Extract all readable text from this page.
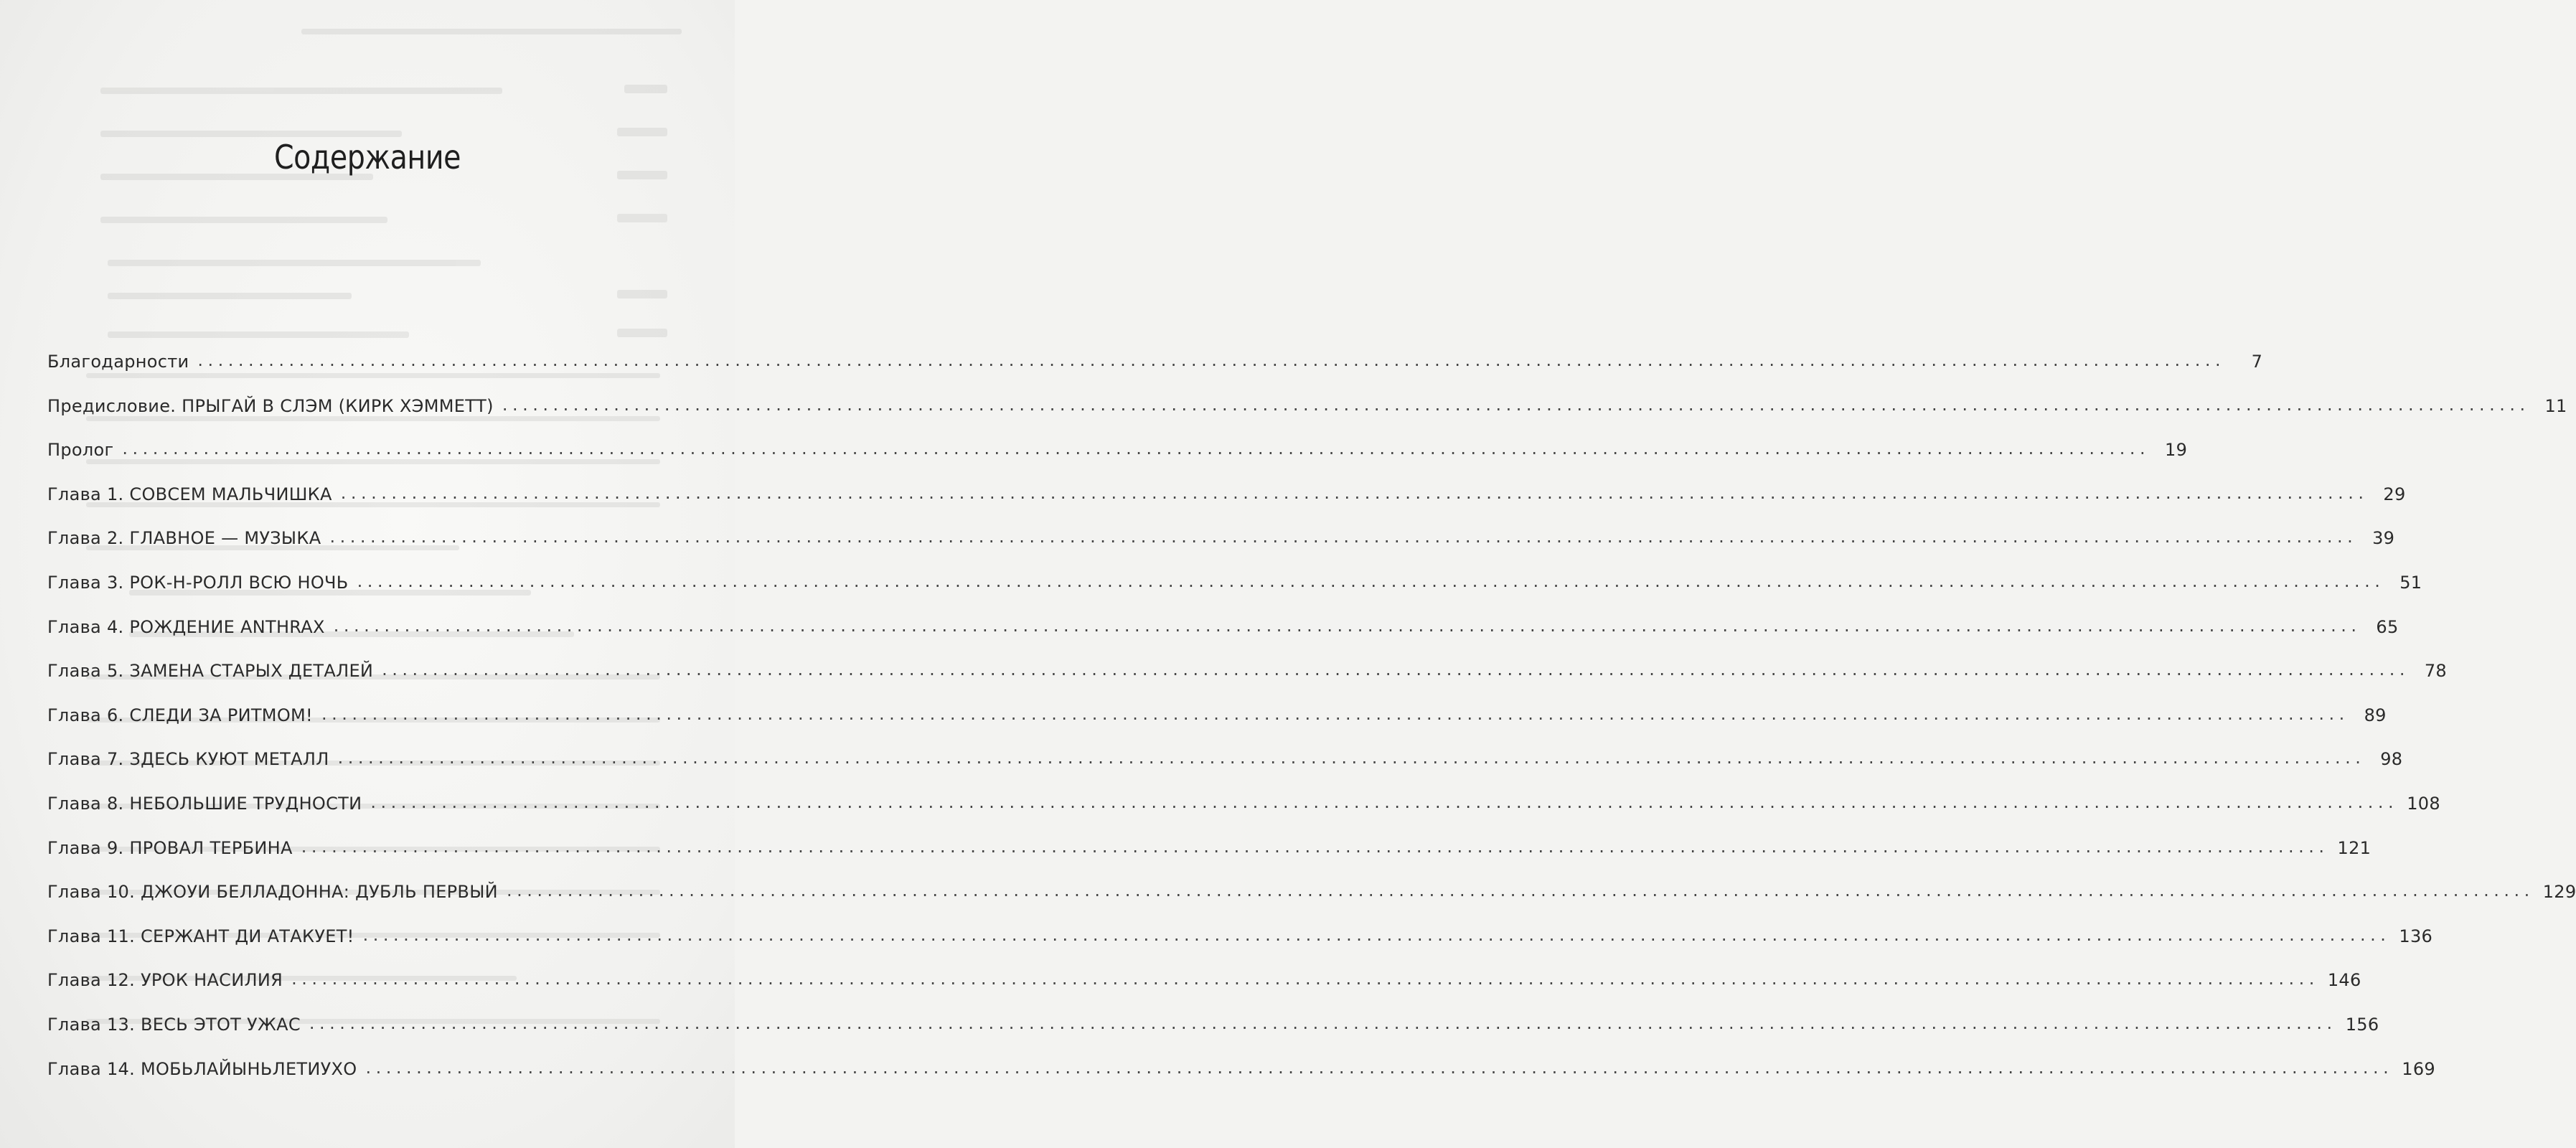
Содержание
Благодарности ........................................................................................................................................................................................................	7
Предисловие. ПРЫГАЙ В СЛЭМ (КИРК ХЭММЕТТ) ........................................................................................................................................................................................................ 11
Пролог ........................................................................................................................................................................................................ 19
Глава 1. СОВСЕМ МАЛЬЧИШКА ........................................................................................................................................................................................................ 29
Глава 2. ГЛАВНОЕ — МУЗЫКА ........................................................................................................................................................................................................ 39
Глава 3. РОК-Н-РОЛЛ ВСЮ НОЧЬ ........................................................................................................................................................................................................ 51
Глава 4. РОЖДЕНИЕ ANTHRAX ........................................................................................................................................................................................................ 65
Глава 5. ЗАМЕНА СТАРЫХ ДЕТАЛЕЙ ........................................................................................................................................................................................................ 78
Глава 6. СЛЕДИ ЗА РИТМОМ! ........................................................................................................................................................................................................ 89
Глава 7. ЗДЕСЬ КУЮТ МЕТАЛЛ ........................................................................................................................................................................................................ 98
Глава 8. НЕБОЛЬШИЕ ТРУДНОСТИ ........................................................................................................................................................................................................ 108
Глава 9. ПРОВАЛ ТЕРБИНА ........................................................................................................................................................................................................ 121
Глава 10. ДЖОУИ БЕЛЛАДОННА: ДУБЛЬ ПЕРВЫЙ ........................................................................................................................................................................................................ 129
Глава 11. СЕРЖАНТ ДИ АТАКУЕТ! ........................................................................................................................................................................................................ 136
Глава 12. УРОК НАСИЛИЯ ........................................................................................................................................................................................................ 146
Глава 13. ВЕСЬ ЭТОТ УЖАС ........................................................................................................................................................................................................ 156
Глава 14. МОБЬЛАЙЫНЬЛЕТИУХО ........................................................................................................................................................................................................ 169
